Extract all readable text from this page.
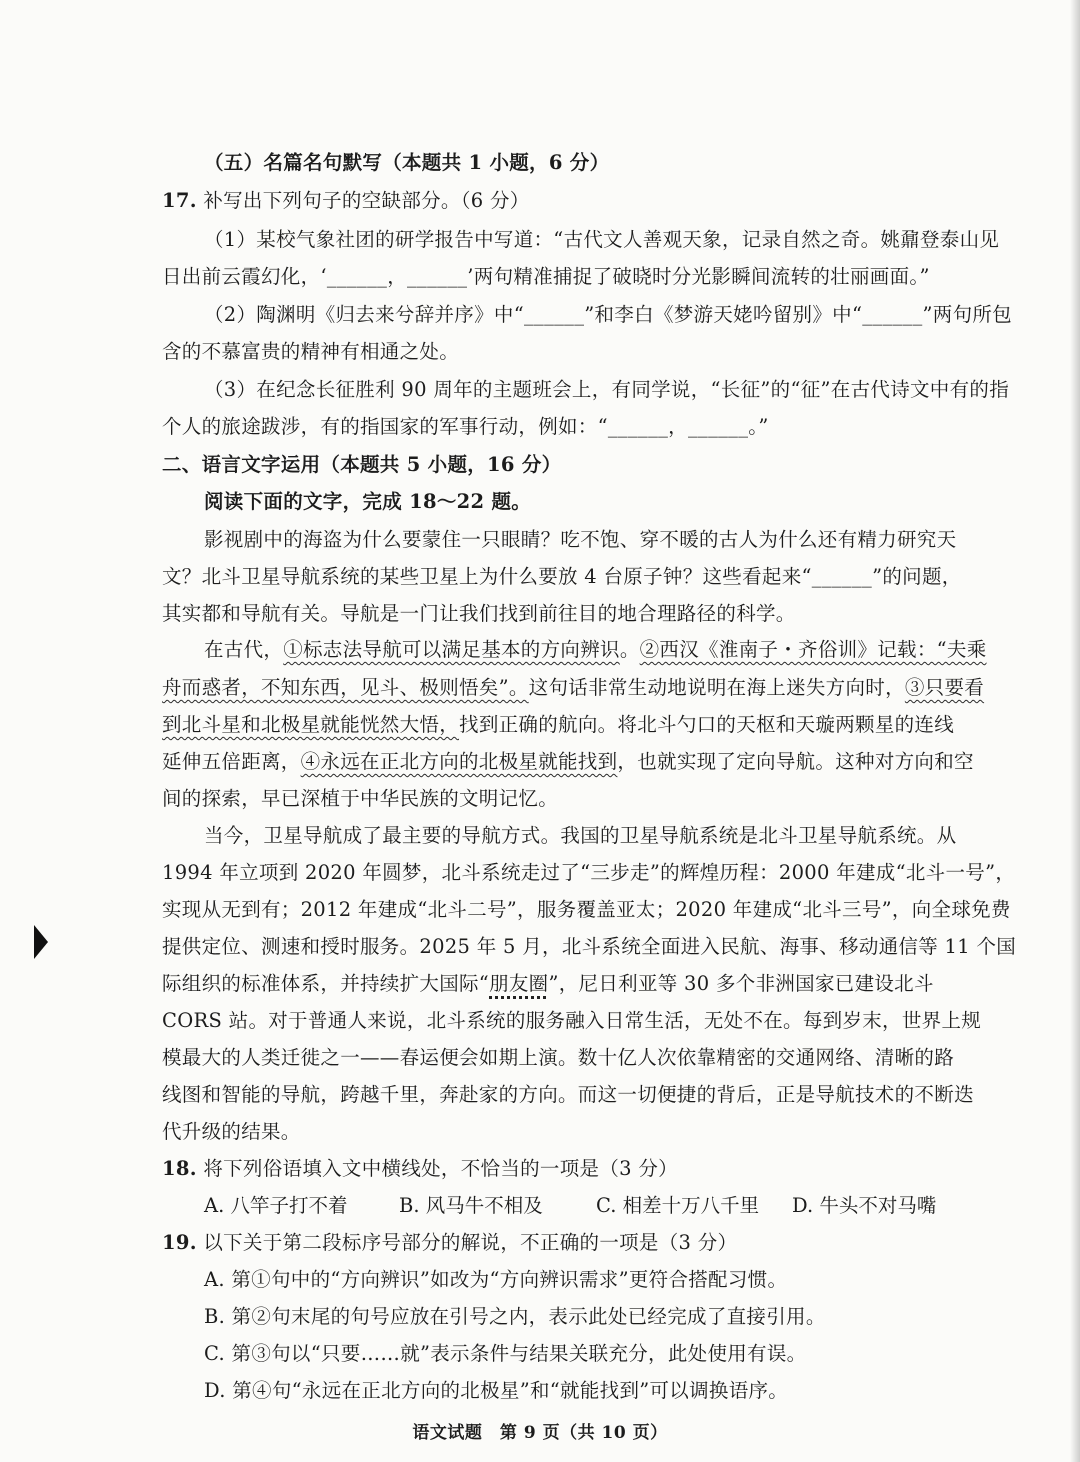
（五）名篇名句默写（本题共 1 小题，6 分）
17. 补写出下列句子的空缺部分。（6 分）
（1）某校气象社团的研学报告中写道：“古代文人善观天象，记录自然之奇。姚鼐登泰山见
日出前云霞幻化，‘______，______’两句精准捕捉了破晓时分光影瞬间流转的壮丽画面。”
（2）陶渊明《归去来兮辞并序》中“______”和李白《梦游天姥吟留别》中“______”两句所包
含的不慕富贵的精神有相通之处。
（3）在纪念长征胜利 90 周年的主题班会上，有同学说，“长征”的“征”在古代诗文中有的指
个人的旅途跋涉，有的指国家的军事行动，例如：“______，______。”
二、语言文字运用（本题共 5 小题，16 分）
阅读下面的文字，完成 18～22 题。
影视剧中的海盗为什么要蒙住一只眼睛？吃不饱、穿不暖的古人为什么还有精力研究天
文？北斗卫星导航系统的某些卫星上为什么要放 4 台原子钟？这些看起来“______”的问题，
其实都和导航有关。导航是一门让我们找到前往目的地合理路径的科学。
在古代，①标志法导航可以满足基本的方向辨识。②西汉《淮南子・齐俗训》记载：“夫乘
舟而惑者，不知东西，见斗、极则悟矣”。这句话非常生动地说明在海上迷失方向时，③只要看
到北斗星和北极星就能恍然大悟，找到正确的航向。将北斗勺口的天枢和天璇两颗星的连线
延伸五倍距离，④永远在正北方向的北极星就能找到，也就实现了定向导航。这种对方向和空
间的探索，早已深植于中华民族的文明记忆。
当今，卫星导航成了最主要的导航方式。我国的卫星导航系统是北斗卫星导航系统。从
1994 年立项到 2020 年圆梦，北斗系统走过了“三步走”的辉煌历程：2000 年建成“北斗一号”，
实现从无到有；2012 年建成“北斗二号”，服务覆盖亚太；2020 年建成“北斗三号”，向全球免费
提供定位、测速和授时服务。2025 年 5 月，北斗系统全面进入民航、海事、移动通信等 11 个国
际组织的标准体系，并持续扩大国际“朋友圈”，尼日利亚等 30 多个非洲国家已建设北斗
CORS 站。对于普通人来说，北斗系统的服务融入日常生活，无处不在。每到岁末，世界上规
模最大的人类迁徙之一——春运便会如期上演。数十亿人次依靠精密的交通网络、清晰的路
线图和智能的导航，跨越千里，奔赴家的方向。而这一切便捷的背后，正是导航技术的不断迭
代升级的结果。
18. 将下列俗语填入文中横线处，不恰当的一项是（3 分）
A. 八竿子打不着	B. 风马牛不相及	C. 相差十万八千里 D. 牛头不对马嘴
19. 以下关于第二段标序号部分的解说，不正确的一项是（3 分）
A. 第①句中的“方向辨识”如改为“方向辨识需求”更符合搭配习惯。
B. 第②句末尾的句号应放在引号之内，表示此处已经完成了直接引用。
C. 第③句以“只要……就”表示条件与结果关联充分，此处使用有误。
D. 第④句“永远在正北方向的北极星”和“就能找到”可以调换语序。
语文试题　第 9 页（共 10 页）
